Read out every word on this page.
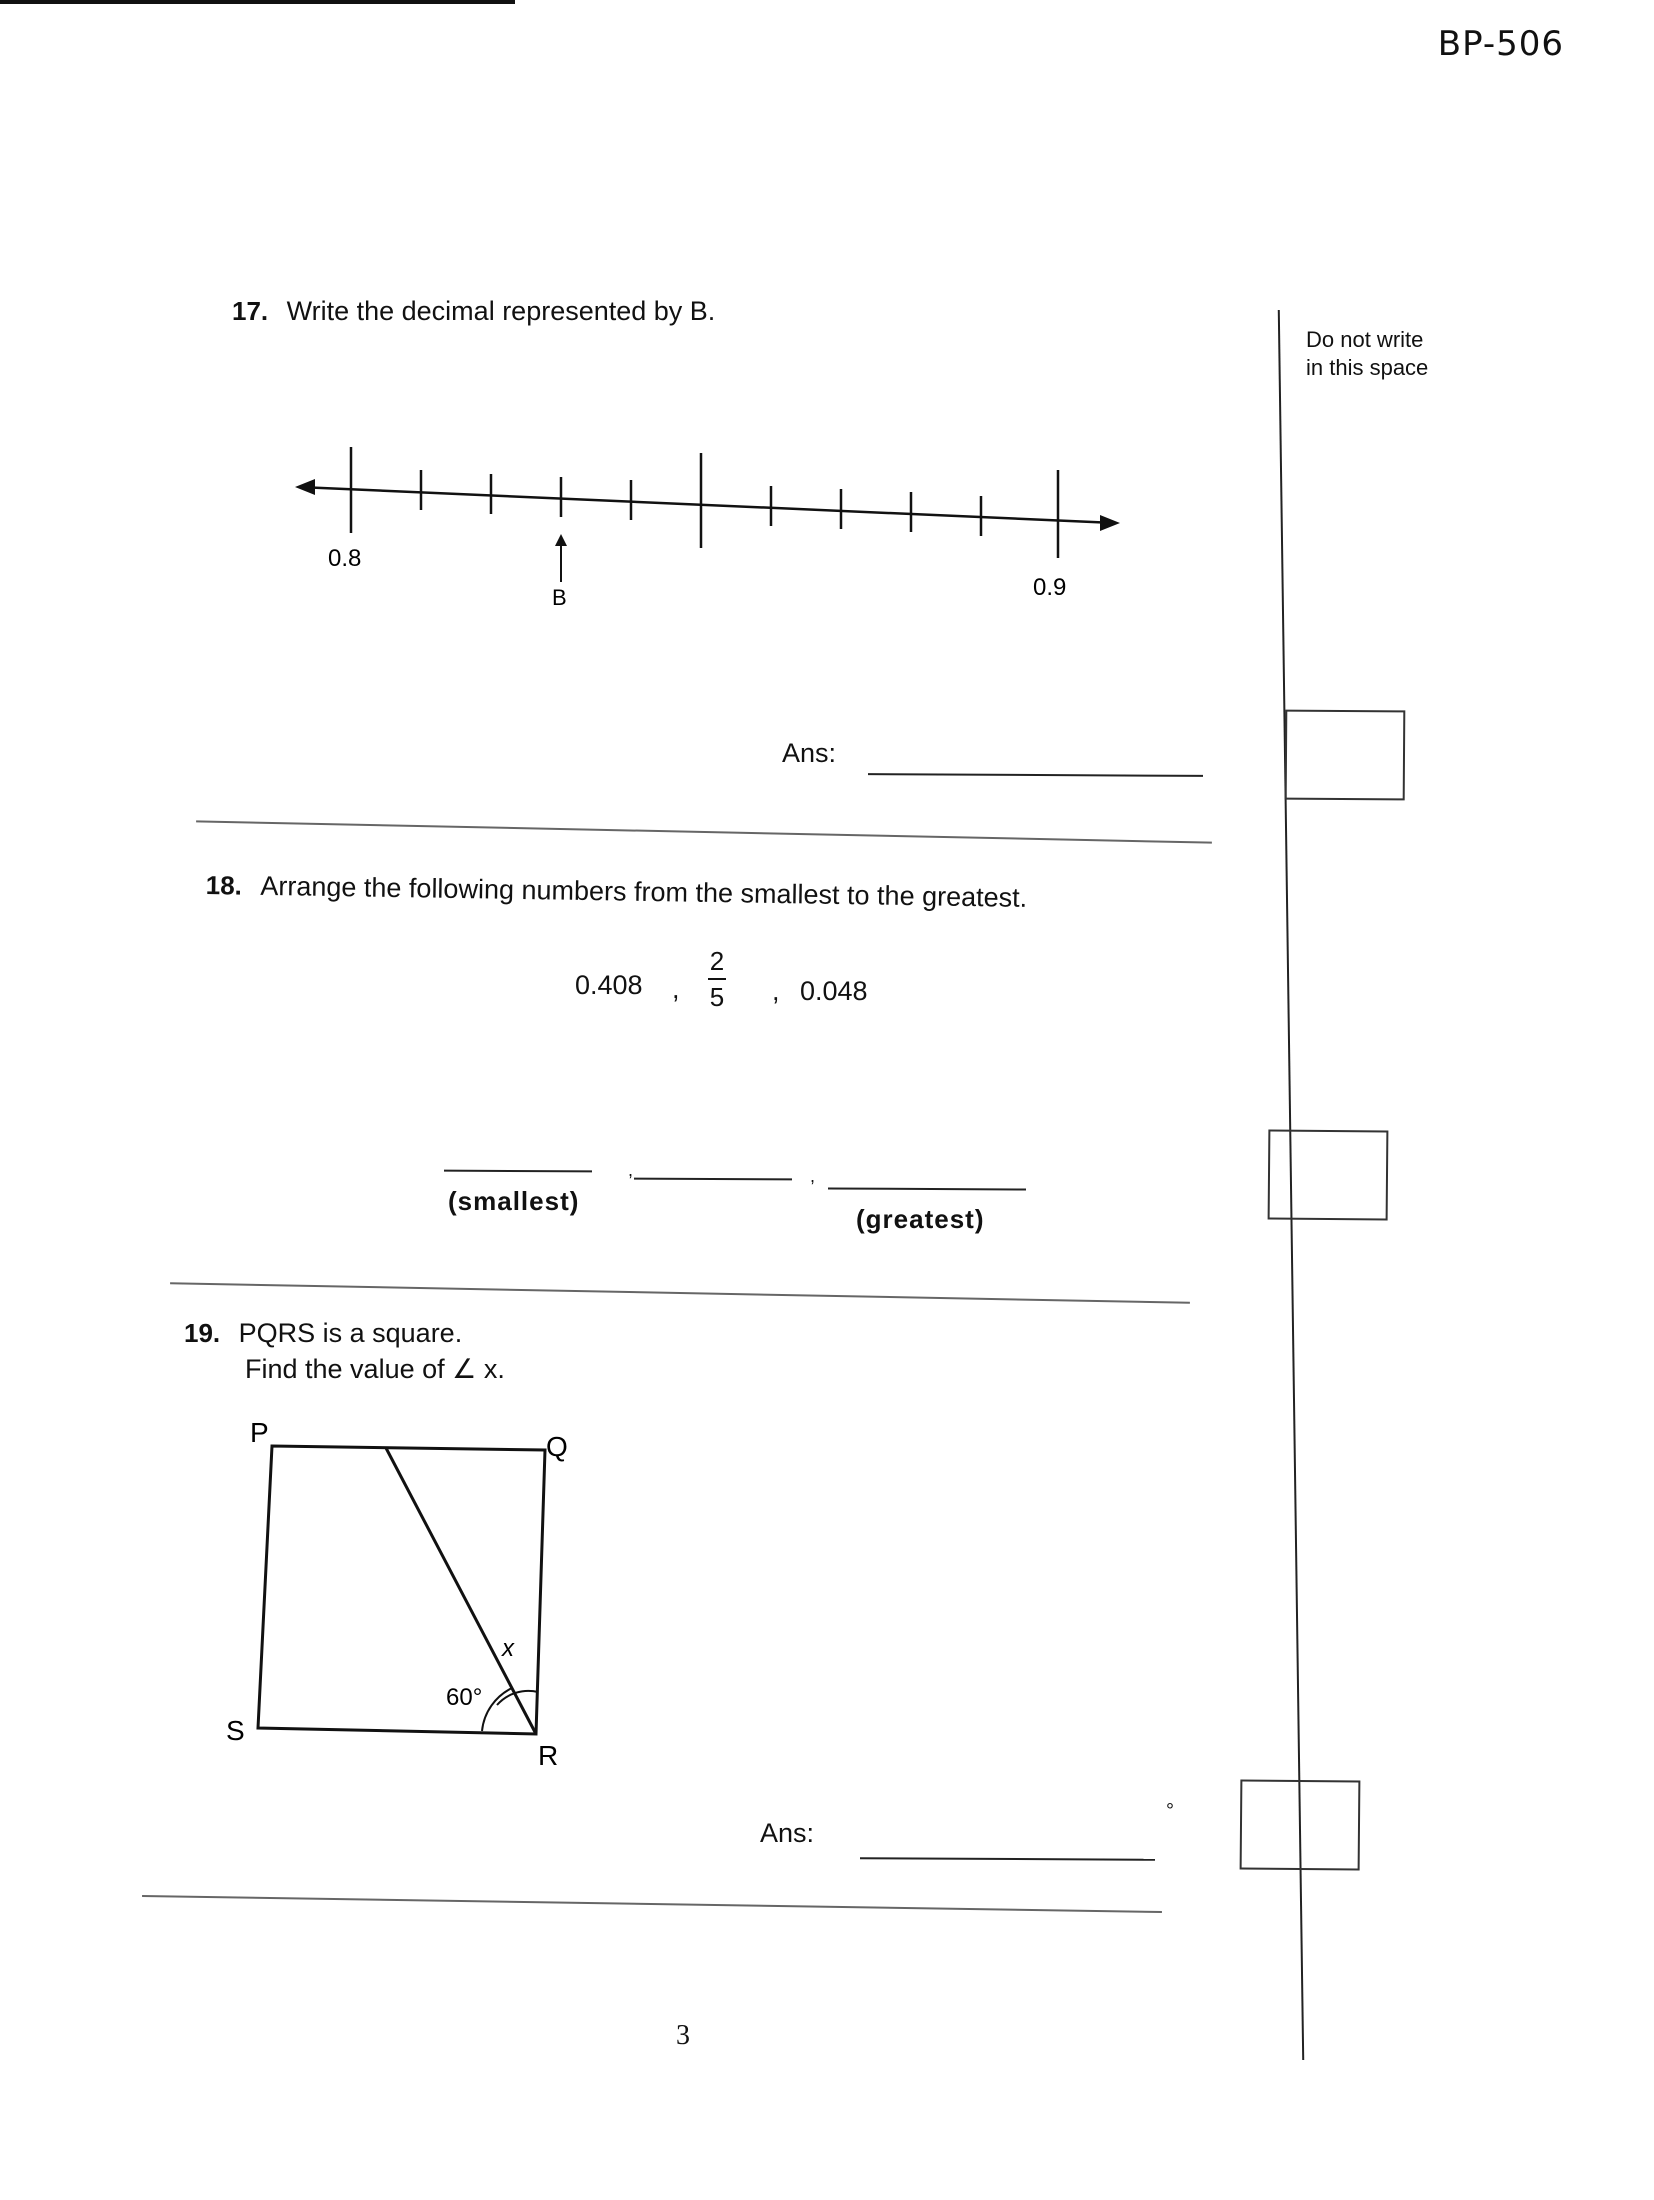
BP-506
Do not write
in this space
17. Write the decimal represented by B.
0.8
0.9
B
Ans:
18. Arrange the following numbers from the smallest to the greatest.
0.408 ,
2
5 , 0.048
,	,
(smallest)
(greatest)
19. PQRS is a square.
Find the value of ∠ x.
P	Q
R
S
60°
x
Ans:
°
3
